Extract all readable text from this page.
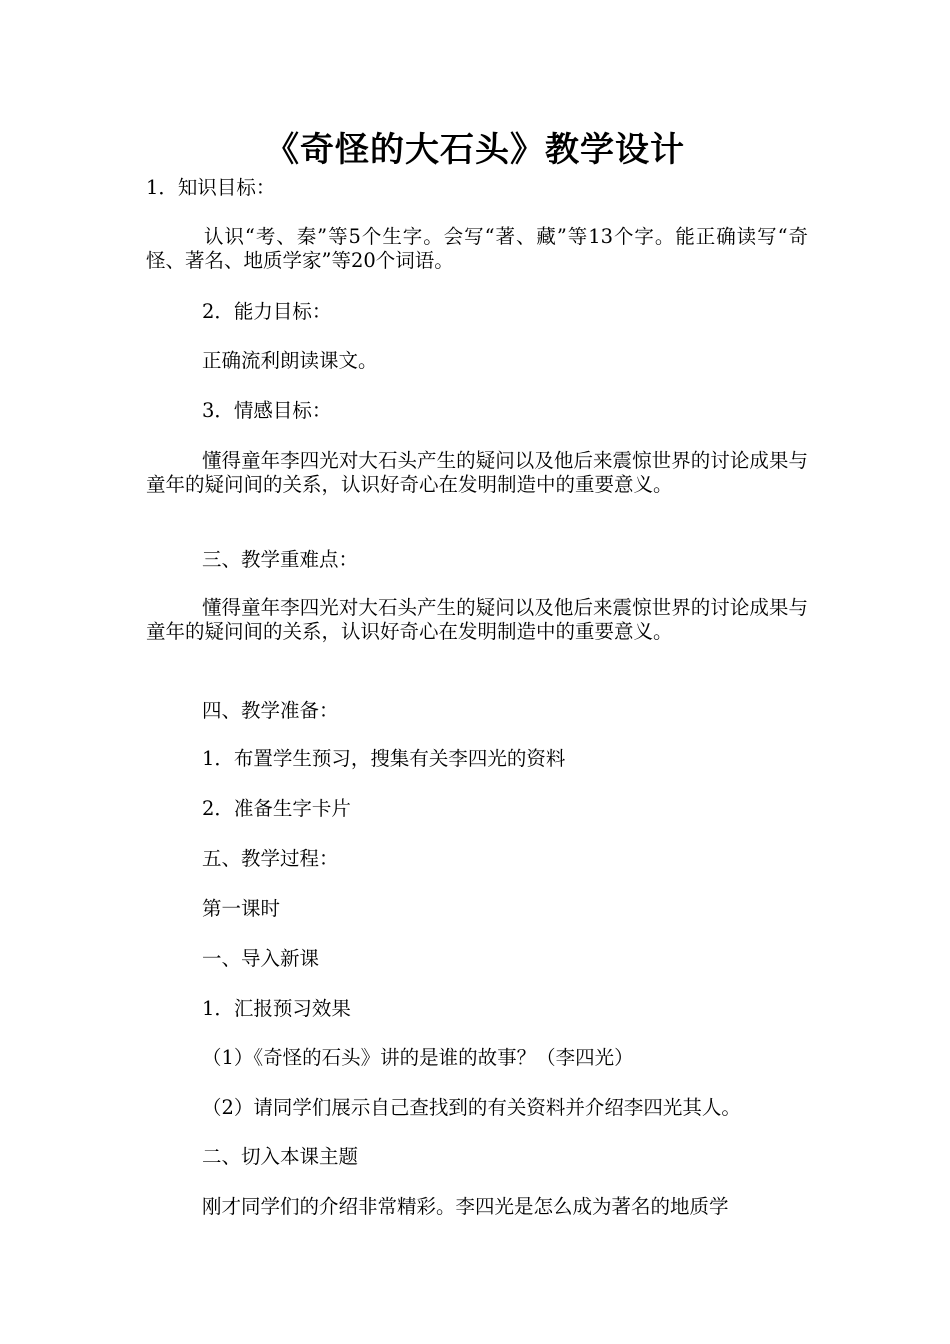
《奇怪的大石头》教学设计
1．知识目标：
认识“考、秦”等5个生字。会写“著、藏”等13个字。能正确读写“奇怪、著名、地质学家”等20个词语。
2．能力目标：
正确流利朗读课文。
3．情感目标：
懂得童年李四光对大石头产生的疑问以及他后来震惊世界的讨论成果与童年的疑问间的关系，认识好奇心在发明制造中的重要意义。
三、教学重难点：
懂得童年李四光对大石头产生的疑问以及他后来震惊世界的讨论成果与童年的疑问间的关系，认识好奇心在发明制造中的重要意义。
四、教学准备：
1．布置学生预习，搜集有关李四光的资料
2．准备生字卡片
五、教学过程：
第一课时
一、导入新课
1．汇报预习效果
（1）《奇怪的石头》讲的是谁的故事？（李四光）
（2）请同学们展示自己查找到的有关资料并介绍李四光其人。
二、切入本课主题
刚才同学们的介绍非常精彩。李四光是怎么成为著名的地质学
